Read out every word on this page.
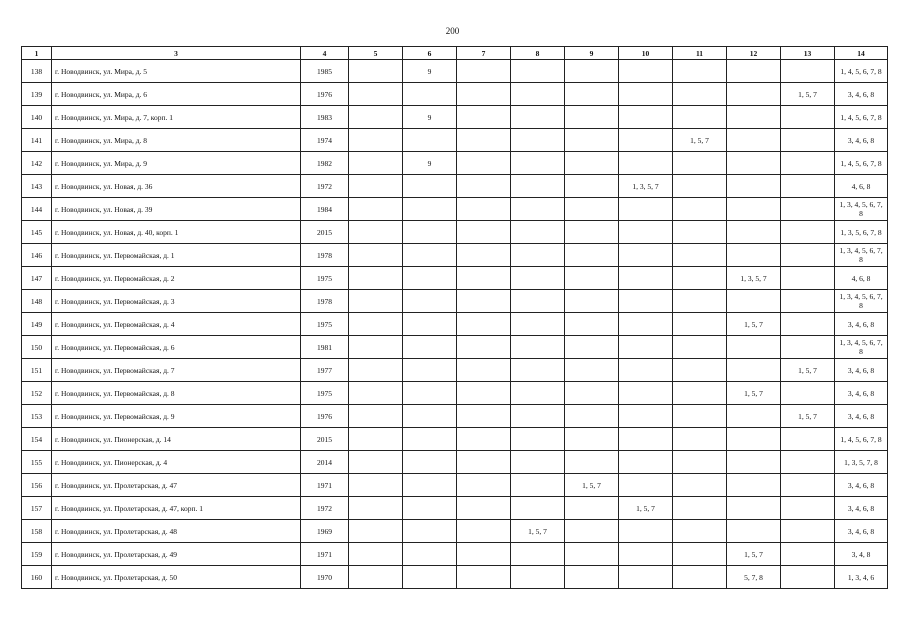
200
1	3	4	5	6	7	8	9	10	11	12	13	14
138	г. Новодвинск, ул. Мира, д. 5	1985		9								1, 4, 5, 6, 7, 8
139	г. Новодвинск, ул. Мира, д. 6	1976									1, 5, 7	3, 4, 6, 8
140	г. Новодвинск, ул. Мира, д. 7, корп. 1	1983		9								1, 4, 5, 6, 7, 8
141	г. Новодвинск, ул. Мира, д. 8	1974							1, 5, 7			3, 4, 6, 8
142	г. Новодвинск, ул. Мира, д. 9	1982		9								1, 4, 5, 6, 7, 8
143	г. Новодвинск, ул. Новая, д. 36	1972						1, 3, 5, 7				4, 6, 8
144	г. Новодвинск, ул. Новая, д. 39	1984										1, 3, 4, 5, 6, 7, 8
145	г. Новодвинск, ул. Новая, д. 40, корп. 1	2015										1, 3, 5, 6, 7, 8
146	г. Новодвинск, ул. Первомайская, д. 1	1978										1, 3, 4, 5, 6, 7, 8
147	г. Новодвинск, ул. Первомайская, д. 2	1975								1, 3, 5, 7		4, 6, 8
148	г. Новодвинск, ул. Первомайская, д. 3	1978										1, 3, 4, 5, 6, 7, 8
149	г. Новодвинск, ул. Первомайская, д. 4	1975								1, 5, 7		3, 4, 6, 8
150	г. Новодвинск, ул. Первомайская, д. 6	1981										1, 3, 4, 5, 6, 7, 8
151	г. Новодвинск, ул. Первомайская, д. 7	1977									1, 5, 7	3, 4, 6, 8
152	г. Новодвинск, ул. Первомайская, д. 8	1975								1, 5, 7		3, 4, 6, 8
153	г. Новодвинск, ул. Первомайская, д. 9	1976									1, 5, 7	3, 4, 6, 8
154	г. Новодвинск, ул. Пионерская, д. 14	2015										1, 4, 5, 6, 7, 8
155	г. Новодвинск, ул. Пионерская, д. 4	2014										1, 3, 5, 7, 8
156	г. Новодвинск, ул. Пролетарская, д. 47	1971					1, 5, 7					3, 4, 6, 8
157	г. Новодвинск, ул. Пролетарская, д. 47, корп. 1	1972						1, 5, 7				3, 4, 6, 8
158	г. Новодвинск, ул. Пролетарская, д. 48	1969				1, 5, 7						3, 4, 6, 8
159	г. Новодвинск, ул. Пролетарская, д. 49	1971								1, 5, 7		3, 4, 8
160	г. Новодвинск, ул. Пролетарская, д. 50	1970								5, 7, 8		1, 3, 4, 6
